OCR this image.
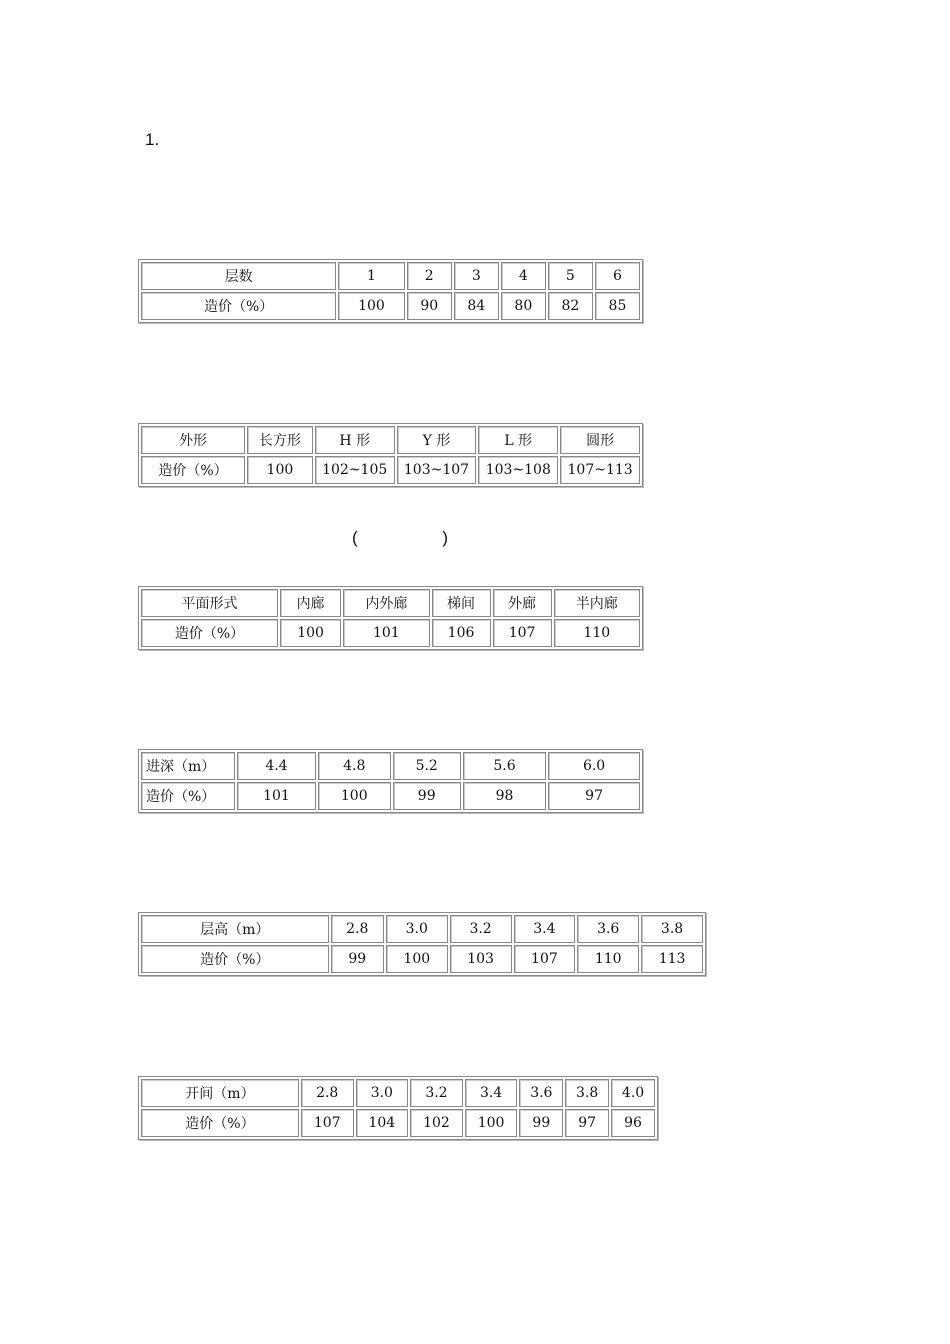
1.
层数	1	2	3	4	5	6
造价（%）	100	90	84	80	82	85
外形	长方形	H 形	Y 形	L 形	圆形
造价（%）	100	102~105	103~107	103~108	107~113
(	)
平面形式	内廊	内外廊	梯间	外廊	半内廊
造价（%）	100	101	106	107	110
进深（m）	4.4	4.8	5.2	5.6	6.0
造价（%）	101	100	99	98	97
层高（m）	2.8	3.0	3.2	3.4	3.6	3.8
造价（%）	99	100	103	107	110	113
开间（m）	2.8	3.0	3.2	3.4	3.6	3.8	4.0
造价（%）	107	104	102	100	99	97	96
